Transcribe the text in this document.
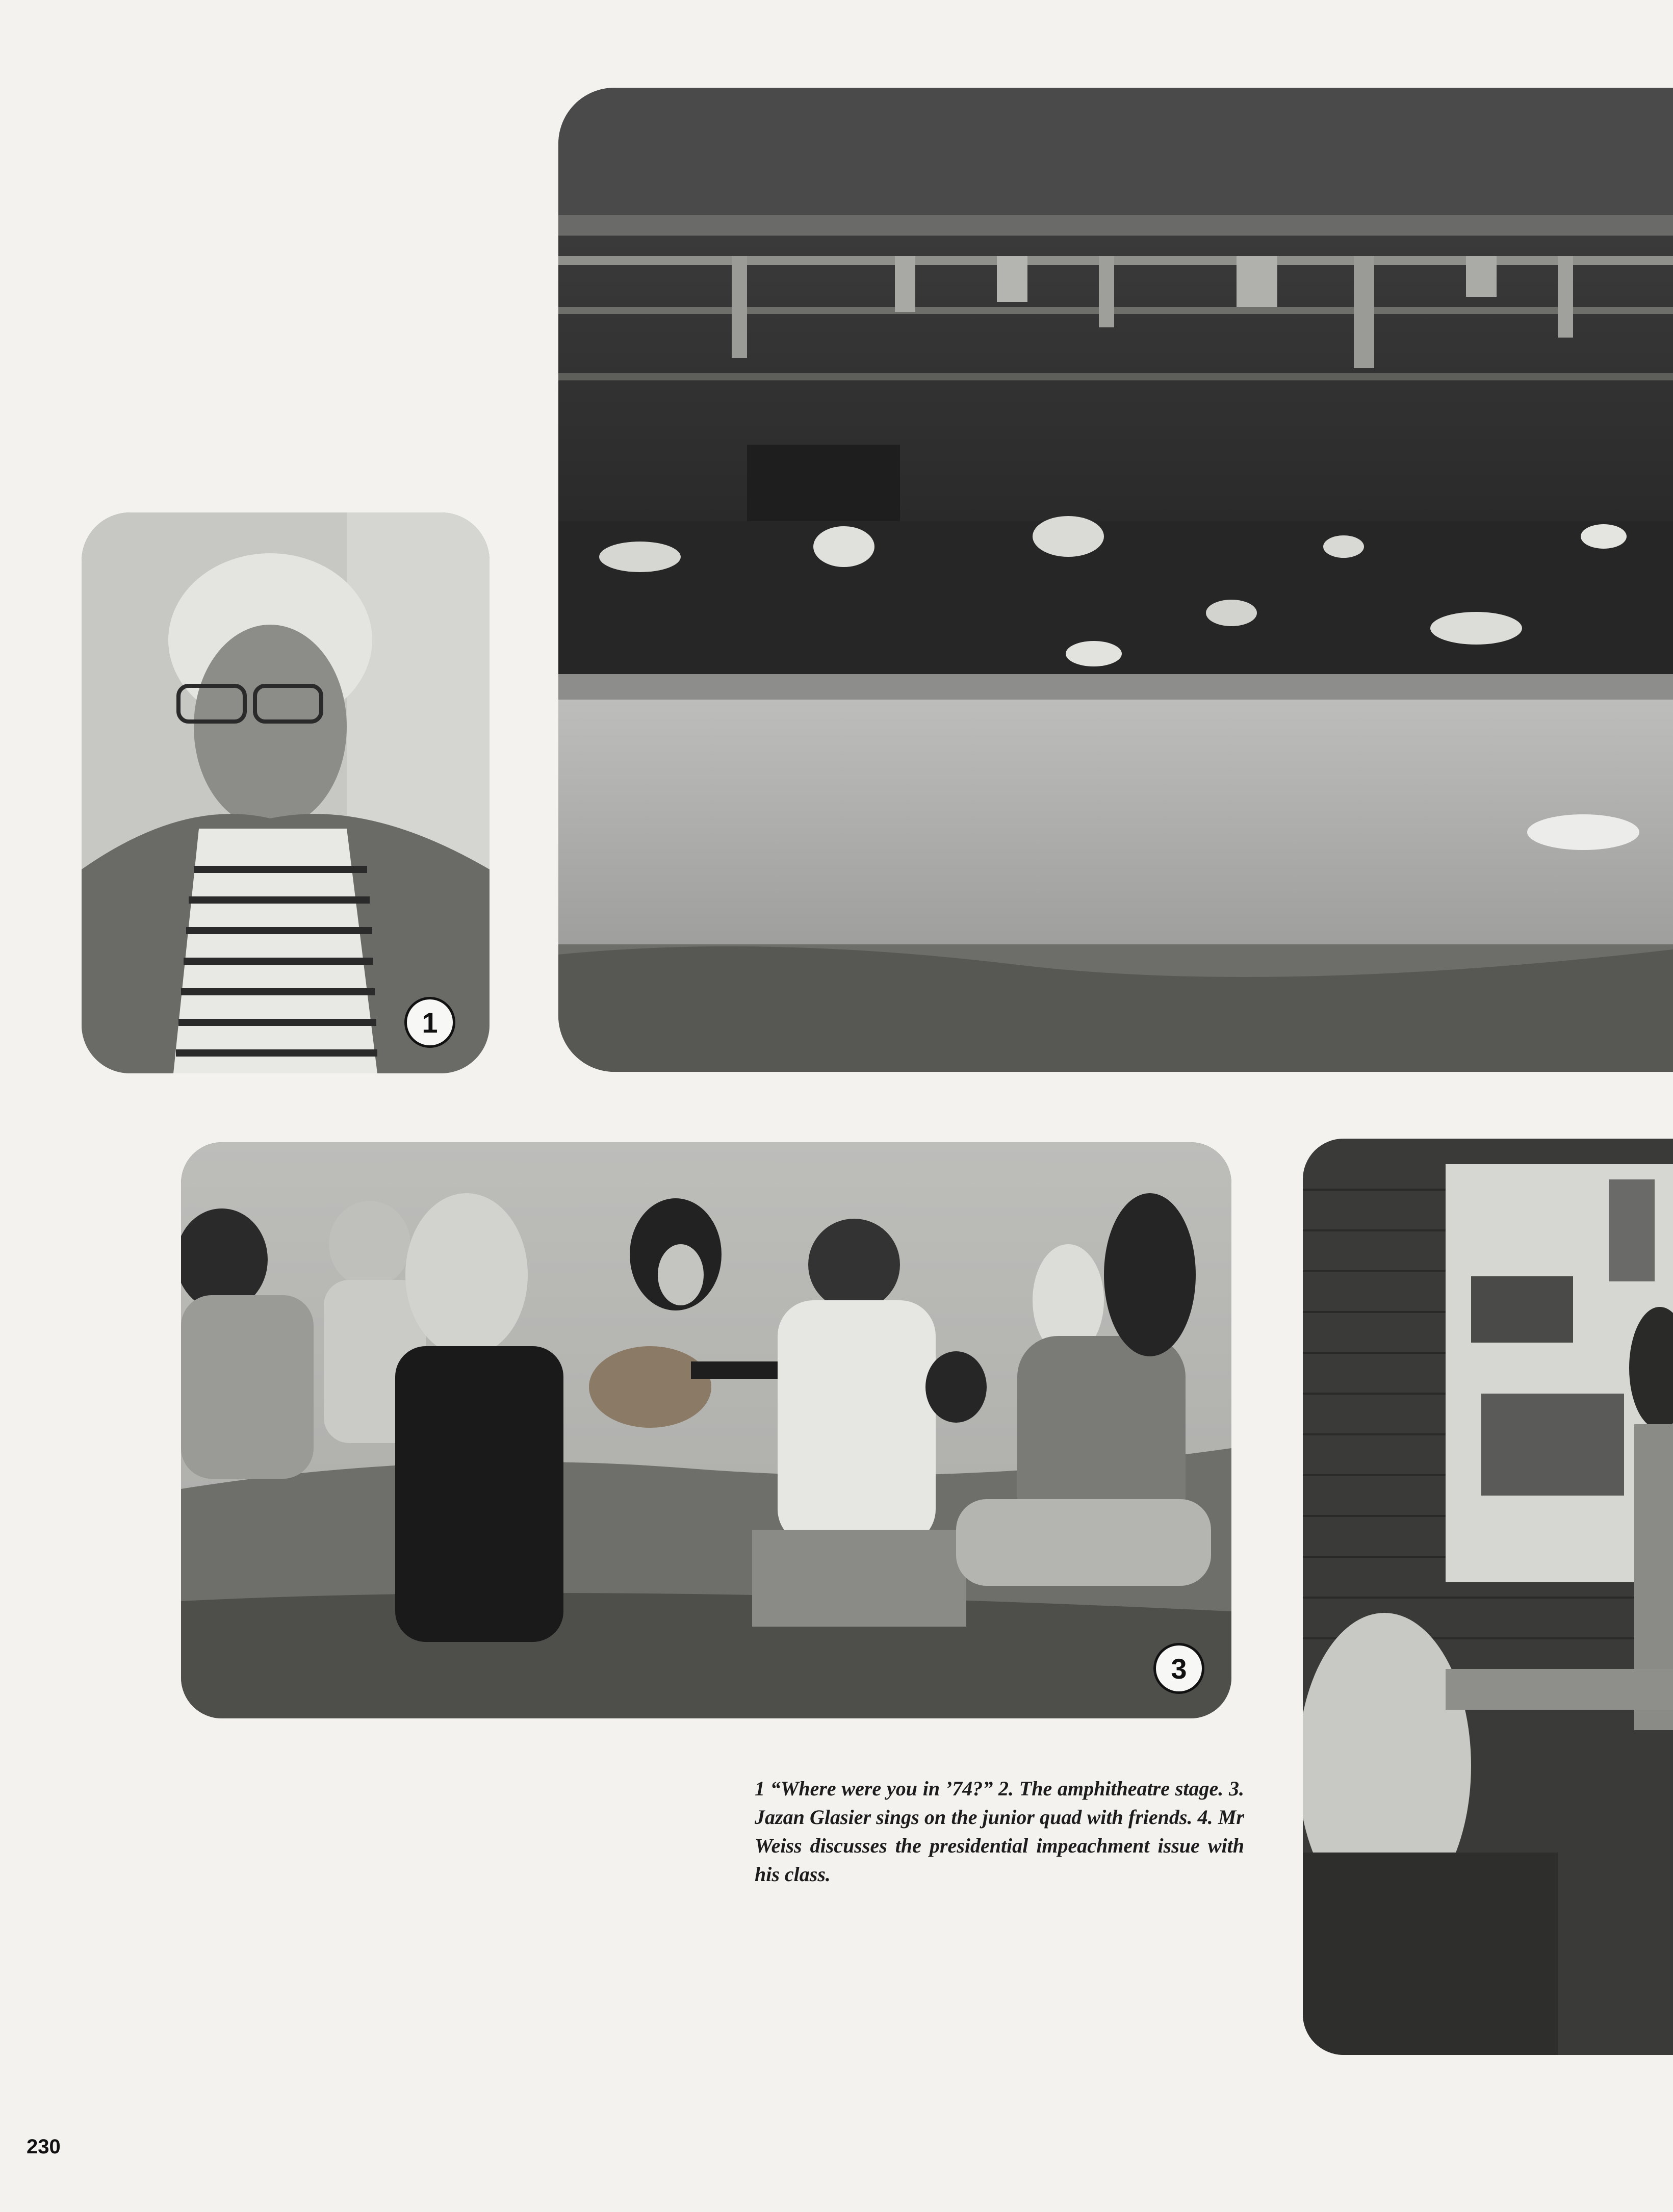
1
3
1 “Where were you in ’74?” 2. The amphitheatre stage. 3. Jazan Glasier sings on the junior quad with friends. 4. Mr Weiss discusses the presidential impeachment issue with his class.
230
